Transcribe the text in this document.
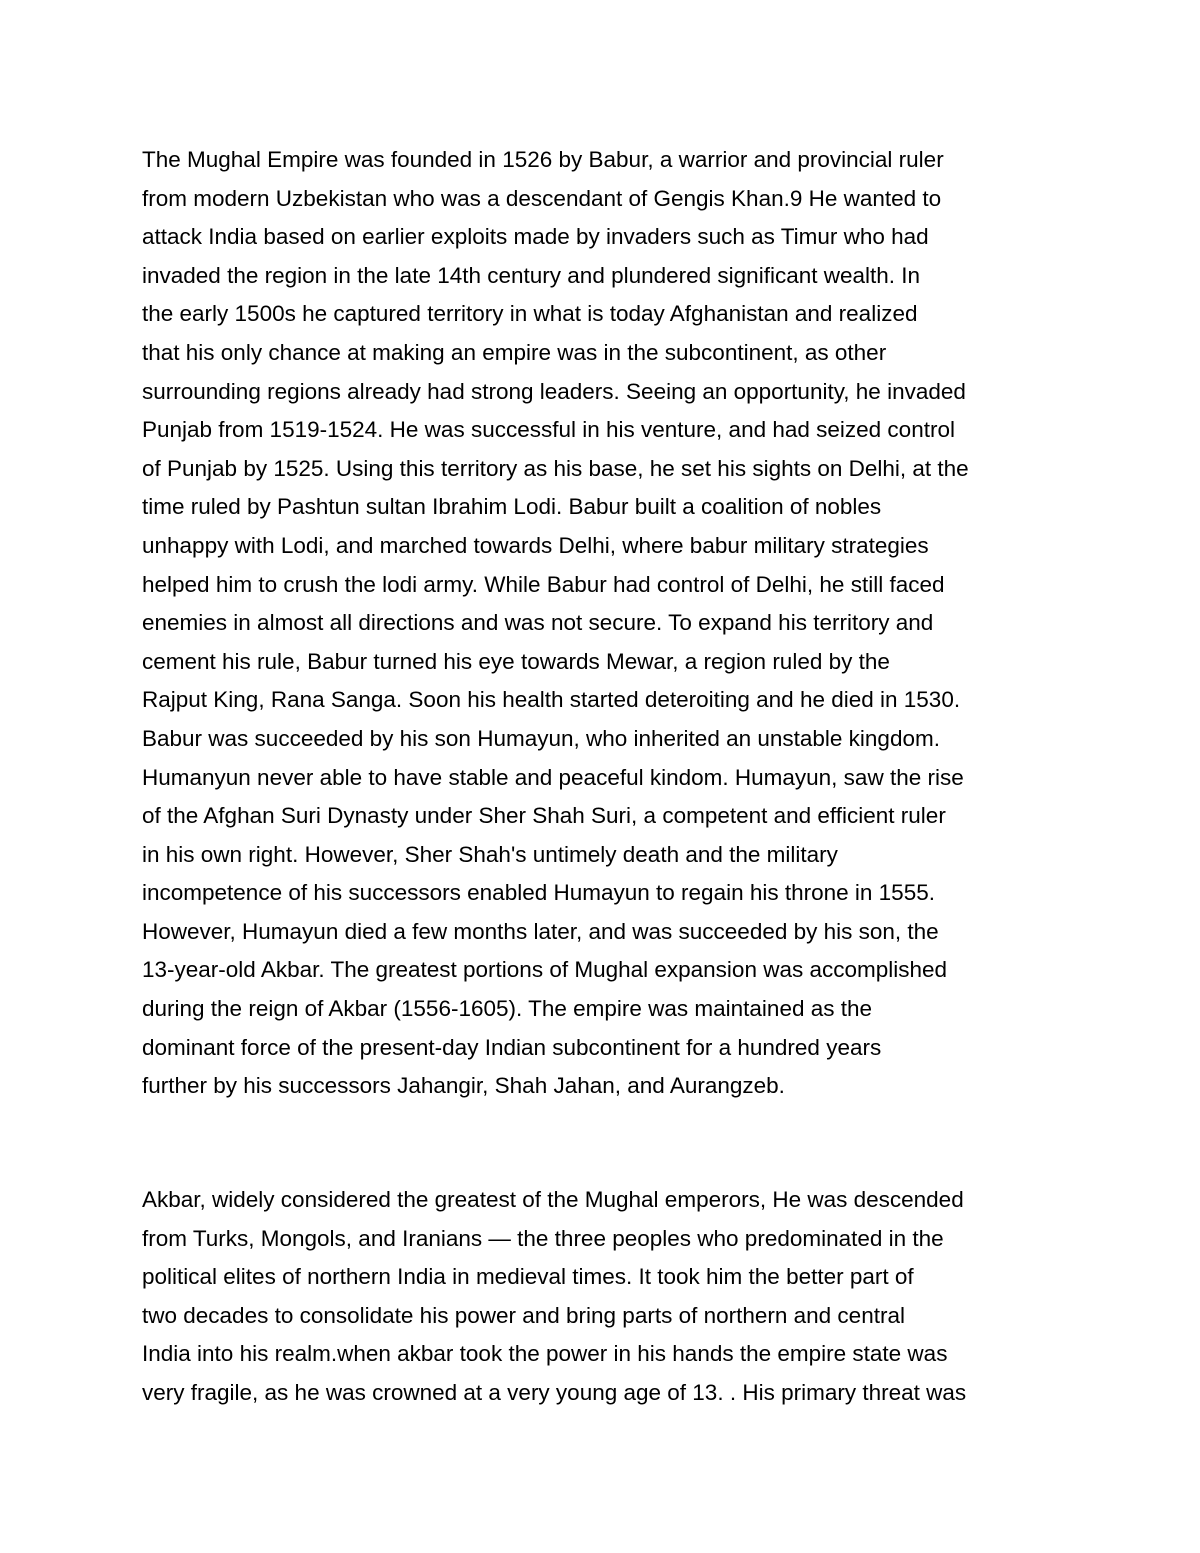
The Mughal Empire was founded in 1526 by Babur, a warrior and provincial ruler
from modern Uzbekistan who was a descendant of Gengis Khan.9 He wanted to
attack India based on earlier exploits made by invaders such as Timur who had
invaded the region in the late 14th century and plundered significant wealth. In
the early 1500s he captured territory in what is today Afghanistan and realized
that his only chance at making an empire was in the subcontinent, as other
surrounding regions already had strong leaders. Seeing an opportunity, he invaded
Punjab from 1519-1524. He was successful in his venture, and had seized control
of Punjab by 1525. Using this territory as his base, he set his sights on Delhi, at the
time ruled by Pashtun sultan Ibrahim Lodi. Babur built a coalition of nobles
unhappy with Lodi, and marched towards Delhi, where babur military strategies
helped him to crush the lodi army. While Babur had control of Delhi, he still faced
enemies in almost all directions and was not secure. To expand his territory and
cement his rule, Babur turned his eye towards Mewar, a region ruled by the
Rajput King, Rana Sanga. Soon his health started deteroiting and he died in 1530.
Babur was succeeded by his son Humayun, who inherited an unstable kingdom.
Humanyun never able to have stable and peaceful kindom. Humayun, saw the rise
of the Afghan Suri Dynasty under Sher Shah Suri, a competent and efficient ruler
in his own right. However, Sher Shah's untimely death and the military
incompetence of his successors enabled Humayun to regain his throne in 1555.
However, Humayun died a few months later, and was succeeded by his son, the
13-year-old Akbar. The greatest portions of Mughal expansion was accomplished
during the reign of Akbar (1556-1605). The empire was maintained as the
dominant force of the present-day Indian subcontinent for a hundred years
further by his successors Jahangir, Shah Jahan, and Aurangzeb.

Akbar, widely considered the greatest of the Mughal emperors, He was descended
from Turks, Mongols, and Iranians — the three peoples who predominated in the
political elites of northern India in medieval times. It took him the better part of
two decades to consolidate his power and bring parts of northern and central
India into his realm.when akbar took the power in his hands the empire state was
very fragile, as he was crowned at a very young age of 13. . His primary threat was
